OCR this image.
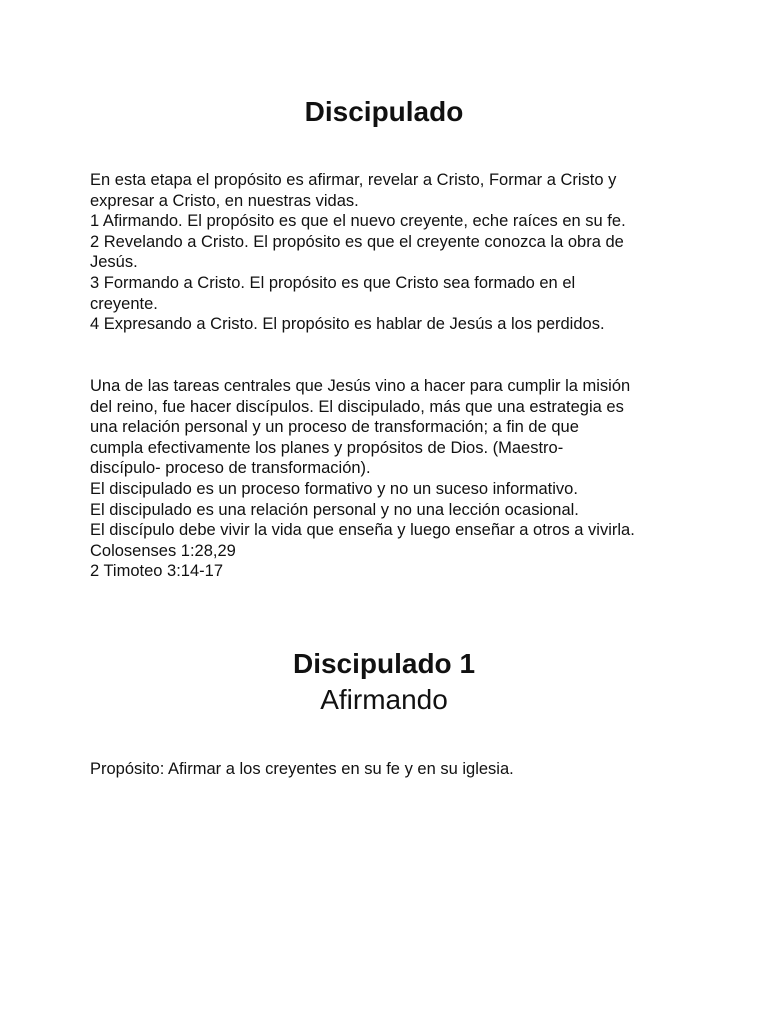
Discipulado

En esta etapa el propósito es afirmar, revelar a Cristo, Formar a Cristo y

expresar a Cristo, en nuestras vidas.

1 Afirmando. El propósito es que el nuevo creyente, eche raíces en su fe.

2 Revelando a Cristo. El propósito es que el creyente conozca la obra de

Jesús.

3 Formando a Cristo. El propósito es que Cristo sea formado en el

creyente.

4 Expresando a Cristo. El propósito es hablar de Jesús a los perdidos.

Una de las tareas centrales que Jesús vino a hacer para cumplir la misión

del reino, fue hacer discípulos. El discipulado, más que una estrategia es

una relación personal y un proceso de transformación; a fin de que

cumpla efectivamente los planes y propósitos de Dios. (Maestro-

discípulo- proceso de transformación).

El discipulado es un proceso formativo y no un suceso informativo.

El discipulado es una relación personal y no una lección ocasional.

El discípulo debe vivir la vida que enseña y luego enseñar a otros a vivirla.

Colosenses 1:28,29

2 Timoteo 3:14-17

Discipulado 1
Afirmando

Propósito: Afirmar a los creyentes en su fe y en su iglesia.
